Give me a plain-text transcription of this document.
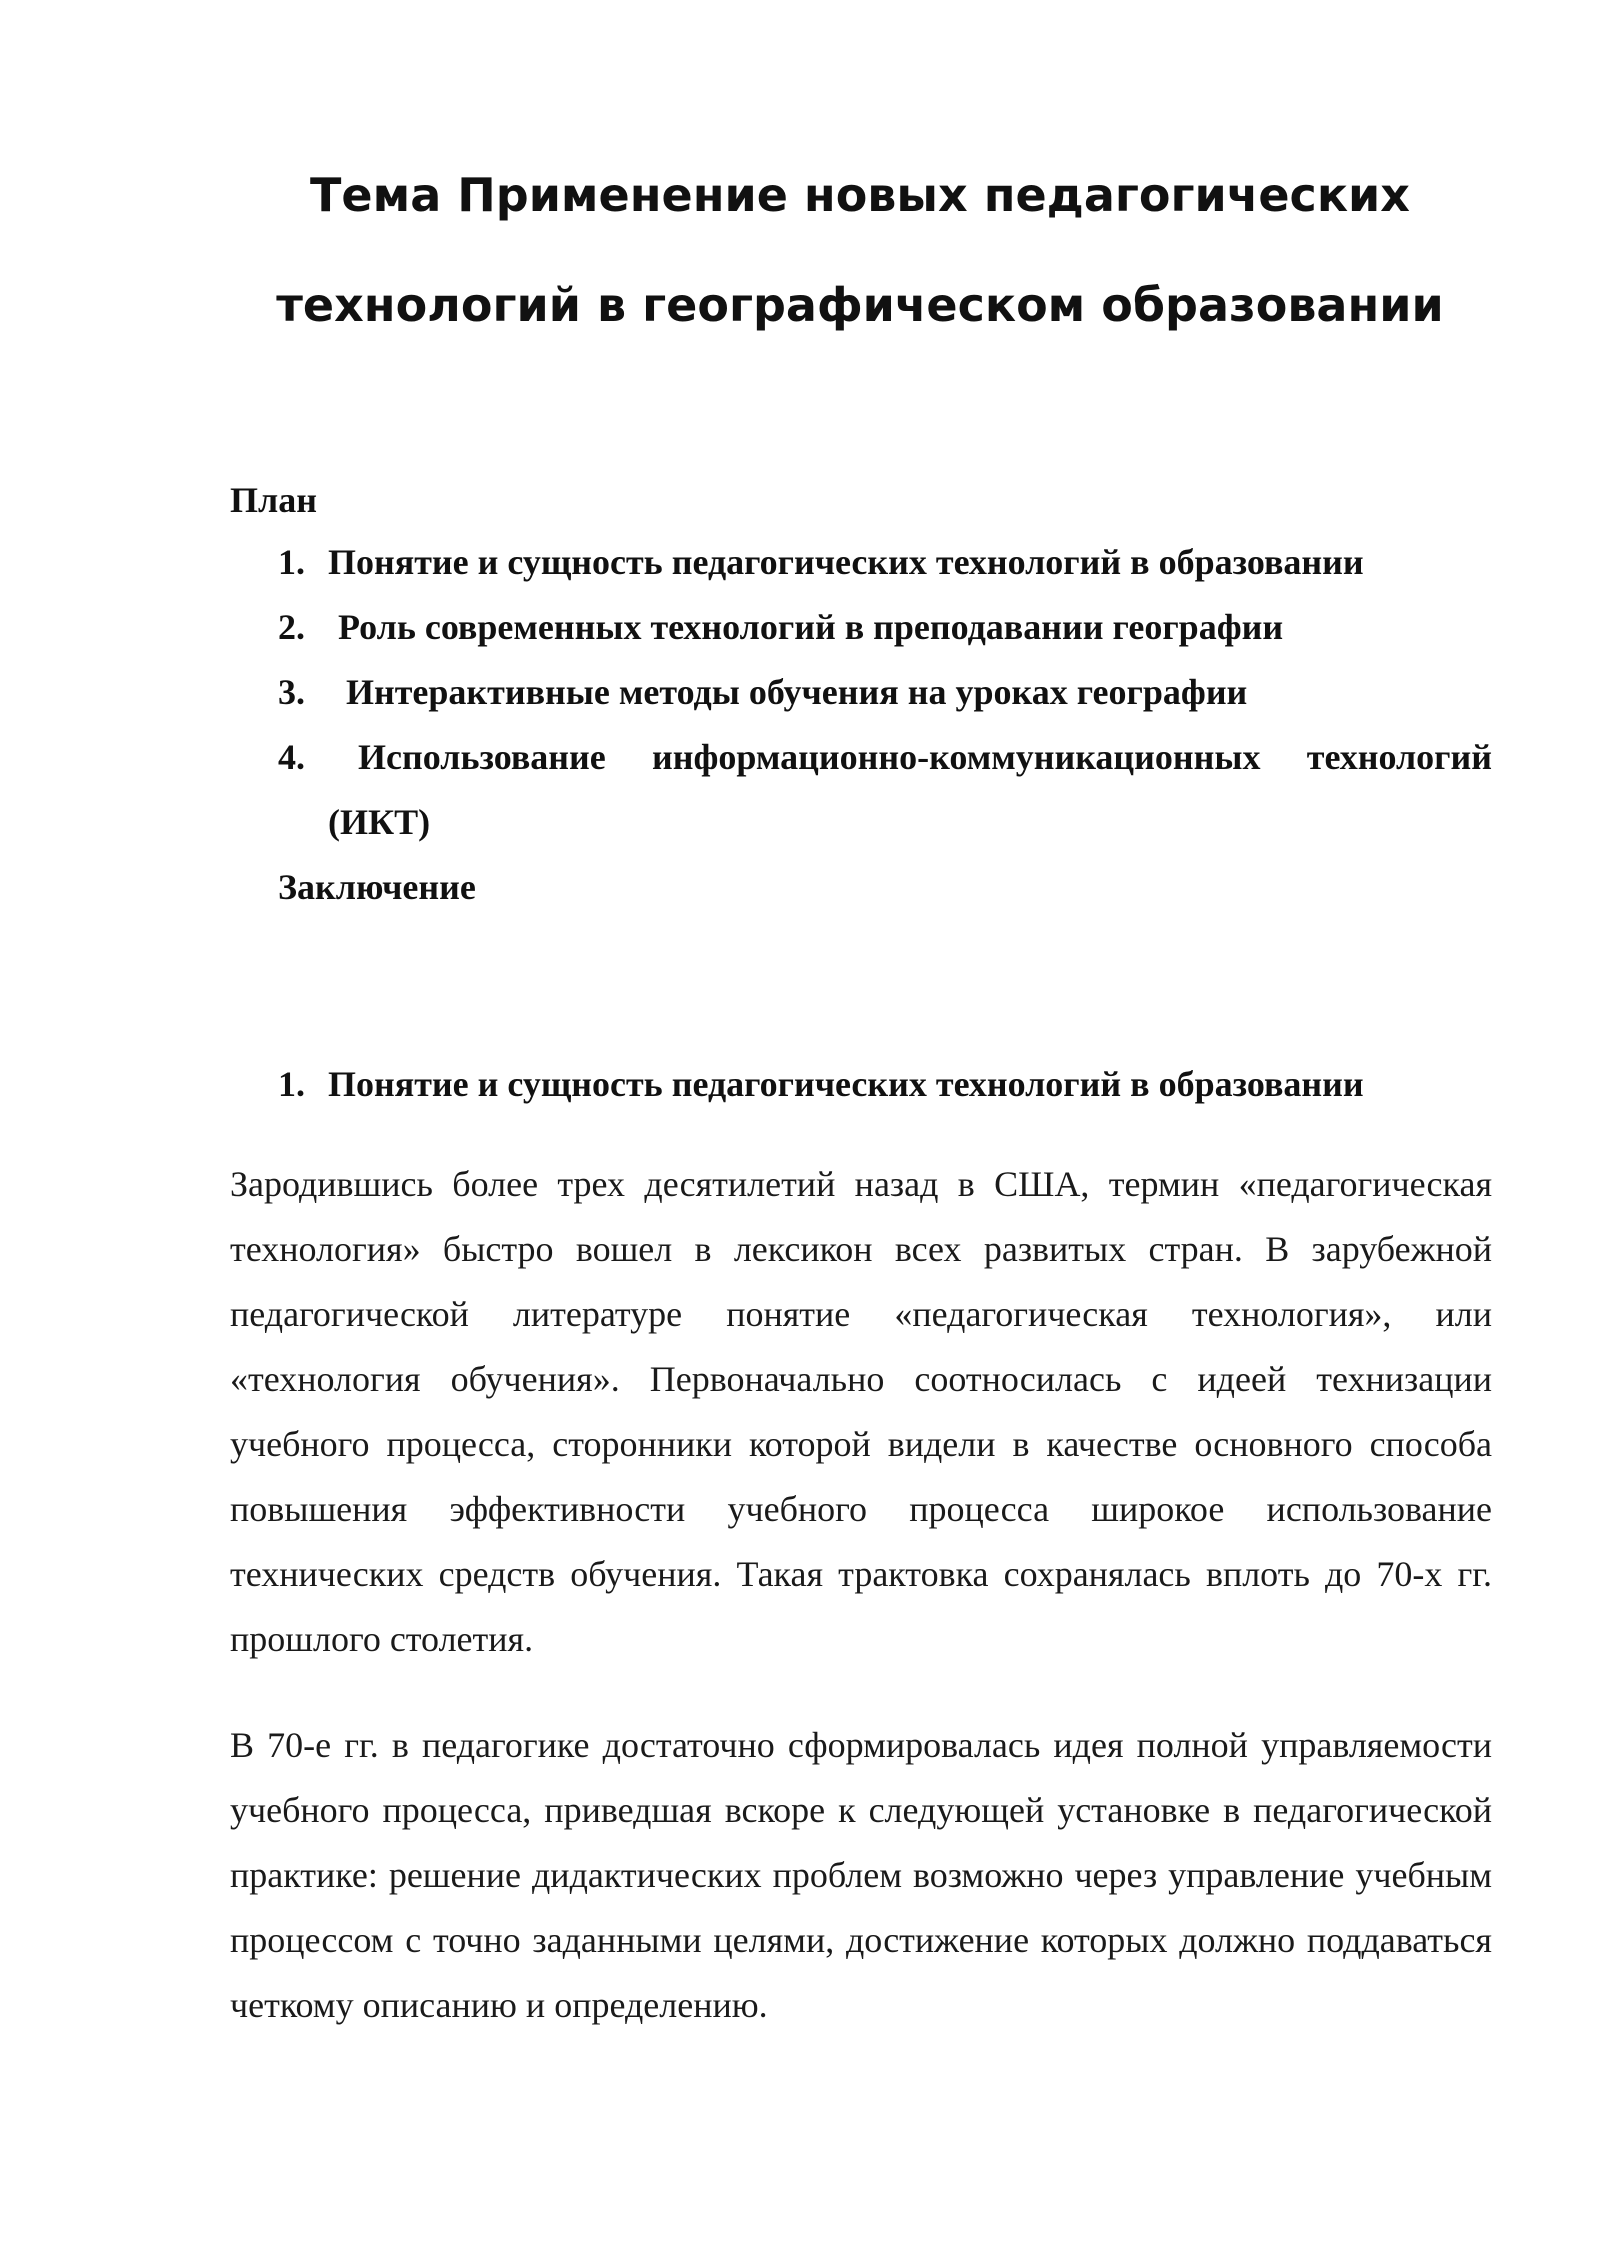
Тема Применение новых педагогических
технологий в географическом образовании

План

1. Понятие и сущность педагогических технологий в образовании
2. Роль современных технологий в преподавании географии
3.	Интерактивные методы обучения на уроках географии
4.	Использование информационно-коммуникационных технологий (ИКТ)

Заключение

1. Понятие и сущность педагогических технологий в образовании

Зародившись более трех десятилетий назад в США, термин «педагогическая технология» быстро вошел в лексикон всех развитых стран. В зарубежной педагогической литературе понятие «педагогическая технология», или «технология обучения». Первоначально соотносилась с идеей технизации учебного процесса, сторонники которой видели в качестве основного способа повышения эффективности учебного процесса широкое использование технических средств обучения. Такая трактовка сохранялась вплоть до 70-х гг. прошлого столетия.

В 70-е гг. в педагогике достаточно сформировалась идея полной управляемости учебного процесса, приведшая вскоре к следующей установке в педагогической практике: решение дидактических проблем возможно через управление учебным процессом с точно заданными целями, достижение которых должно поддаваться четкому описанию и определению.
